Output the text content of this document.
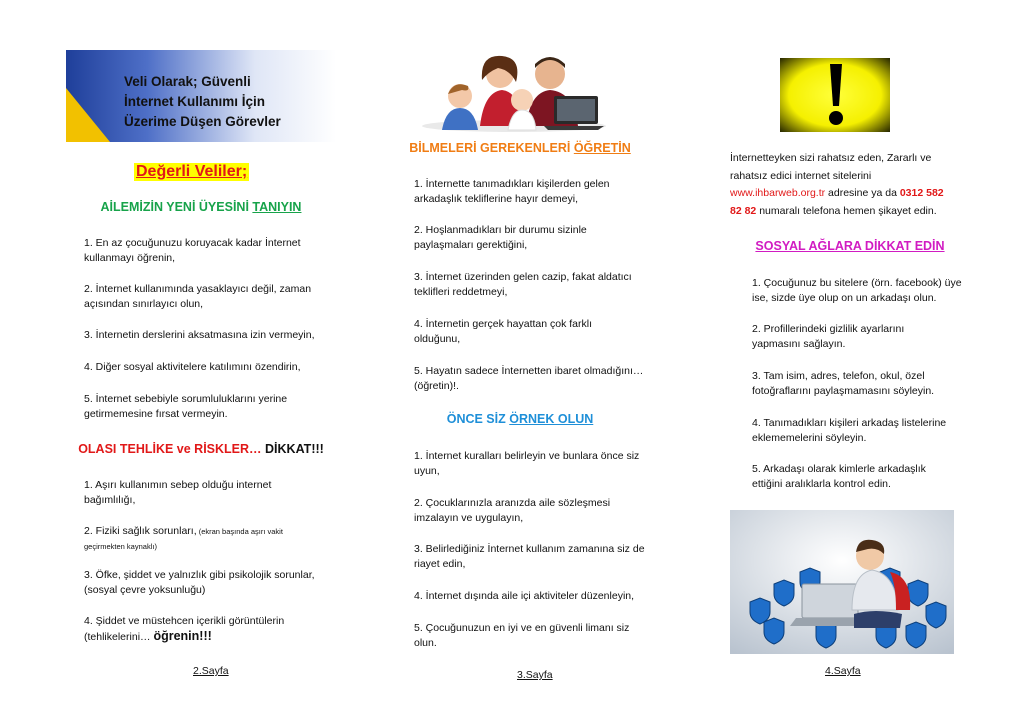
Veli Olarak; Güvenli
İnternet Kullanımı İçin
Üzerime Düşen Görevler
Değerli Veliler;
AİLEMİZİN YENİ ÜYESİNİ TANIYIN
1. En az çocuğunuzu koruyacak kadar İnternet kullanmayı öğrenin,
2. İnternet kullanımında yasaklayıcı değil, zaman açısından sınırlayıcı olun,
3. İnternetin derslerini aksatmasına izin vermeyin,
4. Diğer sosyal aktivitelere katılımını özendirin,
5. İnternet sebebiyle sorumluluklarını yerine getirmemesine fırsat vermeyin.
OLASI TEHLİKE ve RİSKLER… DİKKAT!!!
1. Aşırı kullanımın sebep olduğu internet bağımlılığı,
2. Fiziki sağlık sorunları, (ekran başında aşırı vakit geçirmekten kaynaklı)
3. Öfke, şiddet ve yalnızlık gibi psikolojik sorunlar, (sosyal çevre yoksunluğu)
4. Şiddet ve müstehcen içerikli görüntülerin (tehlikelerini… öğrenin!!!
2.Sayfa
BİLMELERİ GEREKENLERİ ÖĞRETİN
1. İnternette tanımadıkları kişilerden gelen arkadaşlık tekliflerine hayır demeyi,
2. Hoşlanmadıkları bir durumu sizinle paylaşmaları gerektiğini,
3. İnternet üzerinden gelen cazip, fakat aldatıcı teklifleri reddetmeyi,
4. İnternetin gerçek hayattan çok farklı olduğunu,
5. Hayatın sadece İnternetten ibaret olmadığını… (öğretin)!.
ÖNCE SİZ ÖRNEK OLUN
1. İnternet kuralları belirleyin ve bunlara önce siz uyun,
2. Çocuklarınızla aranızda aile sözleşmesi imzalayın ve uygulayın,
3. Belirlediğiniz İnternet kullanım zamanına siz de riayet edin,
4. İnternet dışında aile içi aktiviteler düzenleyin,
5. Çocuğunuzun en iyi ve en güvenli limanı siz olun.
3.Sayfa
İnternetteyken sizi rahatsız eden, Zararlı ve
rahatsız edici internet sitelerini
www.ihbarweb.org.tr adresine ya da 0312 582
82 82 numaralı telefona hemen şikayet edin.
SOSYAL AĞLARA DİKKAT EDİN
1. Çocuğunuz bu sitelere (örn. facebook) üye ise, sizde üye olup on un arkadaşı olun.
2. Profillerindeki gizlilik ayarlarını yapmasını sağlayın.
3. Tam isim, adres, telefon, okul, özel fotoğraflarını paylaşmamasını söyleyin.
4. Tanımadıkları kişileri arkadaş listelerine eklememelerini söyleyin.
5. Arkadaşı olarak kimlerle arkadaşlık ettiğini aralıklarla kontrol edin.
4.Sayfa
